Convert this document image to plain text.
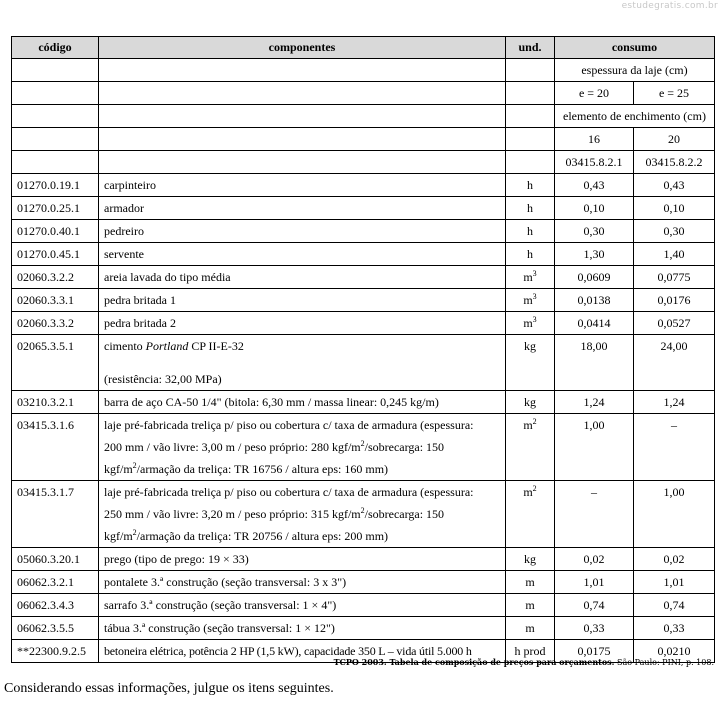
estudegratis.com.br
código	componentes	und.	consumo	
			espessura da laje (cm)	
			e = 20	e = 25
			elemento de enchimento (cm)	
			16	20
			03415.8.2.1	03415.8.2.2
01270.0.19.1	carpinteiro	h	0,43	0,43
01270.0.25.1	armador	h	0,10	0,10
01270.0.40.1	pedreiro	h	0,30	0,30
01270.0.45.1	servente	h	1,30	1,40
02060.3.2.2	areia lavada do tipo média	$m^3$	0,0609	0,0775
02060.3.3.1	pedra britada 1	$m^3$	0,0138	0,0176
02060.3.3.2	pedra britada 2	$m^3$	0,0414	0,0527
02065.3.5.1	cimento Portland CP II-E-32
(resistência: 32,00 MPa)	kg	18,00	24,00
03210.3.2.1	barra de aço CA-50 1/4" (bitola: 6,30 mm / massa linear: 0,245 kg/m)	kg	1,24	1,24
03415.3.1.6	laje pré-fabricada treliça p/ piso ou cobertura c/ taxa de armadura (espessura:
200 mm / vão livre: 3,00 m / peso próprio: 280 kgf/$m^2$/sobrecarga: 150
kgf/$m^2$/armação da treliça: TR 16756 / altura eps: 160 mm)	$m^2$	1,00	–
03415.3.1.7	laje pré-fabricada treliça p/ piso ou cobertura c/ taxa de armadura (espessura:
250 mm / vão livre: 3,20 m / peso próprio: 315 kgf/$m^2$/sobrecarga: 150
kgf/$m^2$/armação da treliça: TR 20756 / altura eps: 200 mm)	$m^2$	–	1,00
05060.3.20.1	prego (tipo de prego: 19 × 33)	kg	0,02	0,02
06062.3.2.1	pontalete 3.ª construção (seção transversal: 3 x 3")	m	1,01	1,01
06062.3.4.3	sarrafo 3.ª construção (seção transversal: 1 × 4")	m	0,74	0,74
06062.3.5.5	tábua 3.ª construção (seção transversal: 1 × 12")	m	0,33	0,33
**22300.9.2.5	betoneira elétrica, potência 2 HP (1,5 kW), capacidade 350 L – vida útil 5.000 h	h prod	0,0175	0,0210
TCPO 2003. Tabela de composição de preços para orçamentos. São Paulo: PINI, p. 108.
Considerando essas informações, julgue os itens seguintes.
